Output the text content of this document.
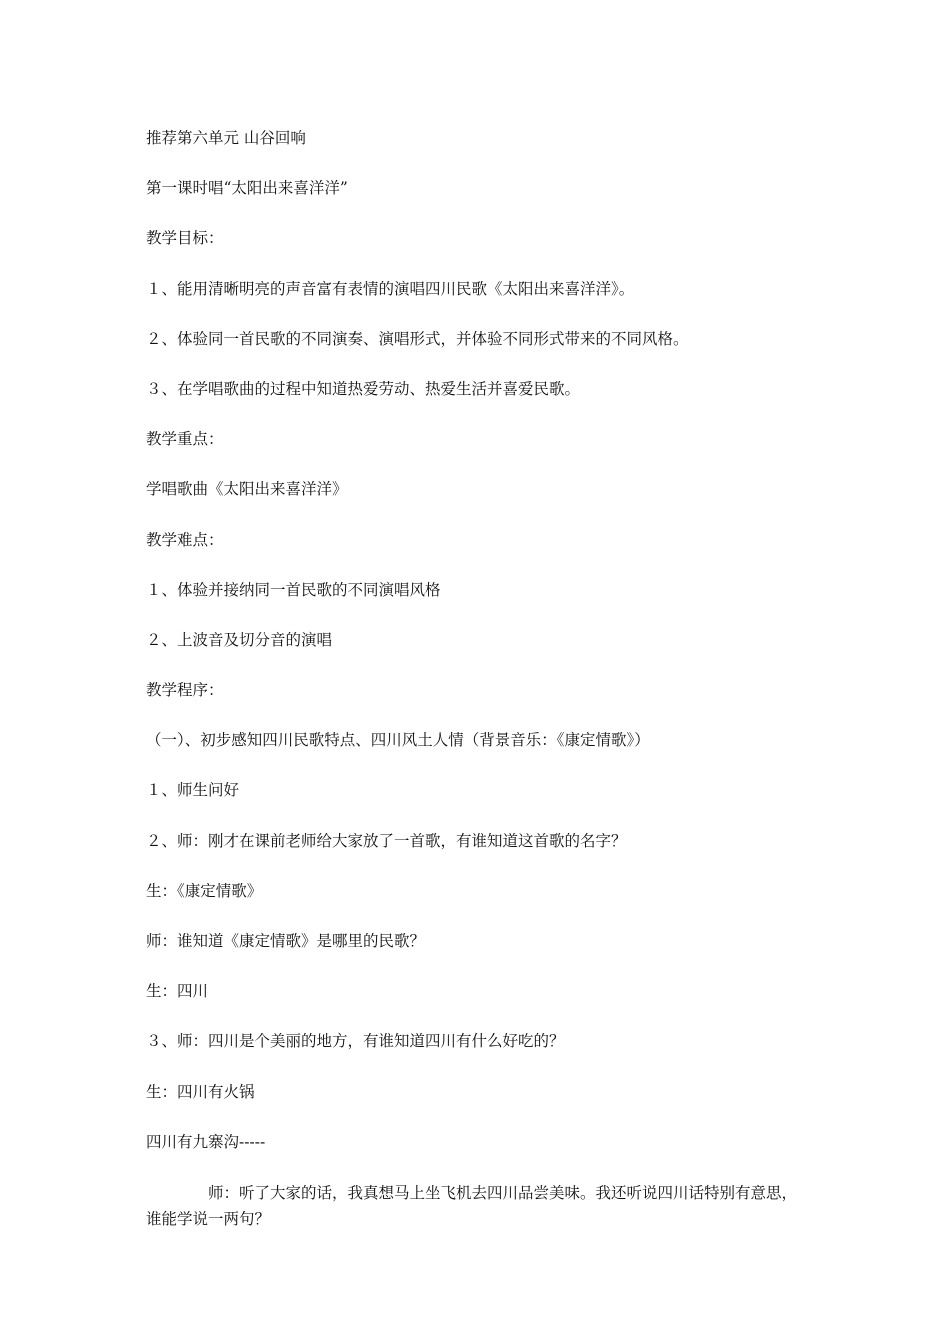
推荐第六单元 山谷回响
第一课时唱“太阳出来喜洋洋”
教学目标：
１、能用清晰明亮的声音富有表情的演唱四川民歌《太阳出来喜洋洋》。
２、体验同一首民歌的不同演奏、演唱形式，并体验不同形式带来的不同风格。
３、在学唱歌曲的过程中知道热爱劳动、热爱生活并喜爱民歌。
教学重点：
学唱歌曲《太阳出来喜洋洋》
教学难点：
１、体验并接纳同一首民歌的不同演唱风格
２、上波音及切分音的演唱
教学程序：
（一）、初步感知四川民歌特点、四川风土人情（背景音乐：《康定情歌》）
１、师生问好
２、师：刚才在课前老师给大家放了一首歌，有谁知道这首歌的名字？
生：《康定情歌》
师：谁知道《康定情歌》是哪里的民歌？
生：四川
３、师：四川是个美丽的地方，有谁知道四川有什么好吃的？
生：四川有火锅
四川有九寨沟-----

师：听了大家的话，我真想马上坐飞机去四川品尝美味。我还听说四川话特别有意思，谁能学说一两句？
